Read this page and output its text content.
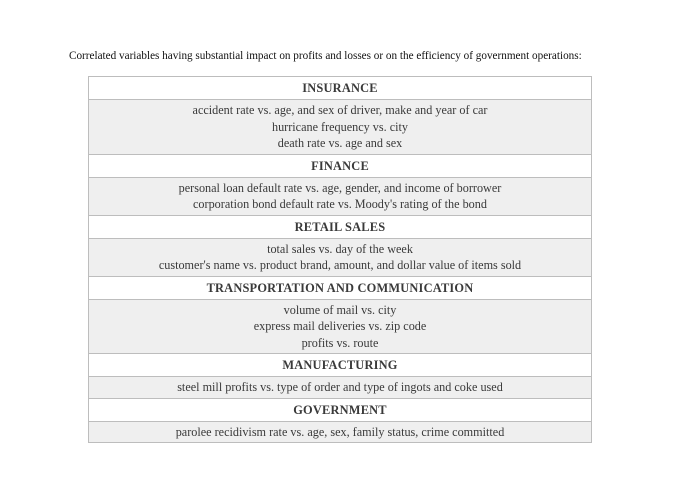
Correlated variables having substantial impact on profits and losses or on the efficiency of government operations:
INSURANCE

accident rate vs. age, and sex of driver, make and year of car
hurricane frequency vs. city
death rate vs. age and sex

FINANCE

personal loan default rate vs. age, gender, and income of borrower
corporation bond default rate vs. Moody's rating of the bond

RETAIL SALES

total sales vs. day of the week
customer's name vs. product brand, amount, and dollar value of items sold

TRANSPORTATION AND COMMUNICATION

volume of mail vs. city
express mail deliveries vs. zip code
profits vs. route

MANUFACTURING

steel mill profits vs. type of order and type of ingots and coke used

GOVERNMENT

parolee recidivism rate vs. age, sex, family status, crime committed
